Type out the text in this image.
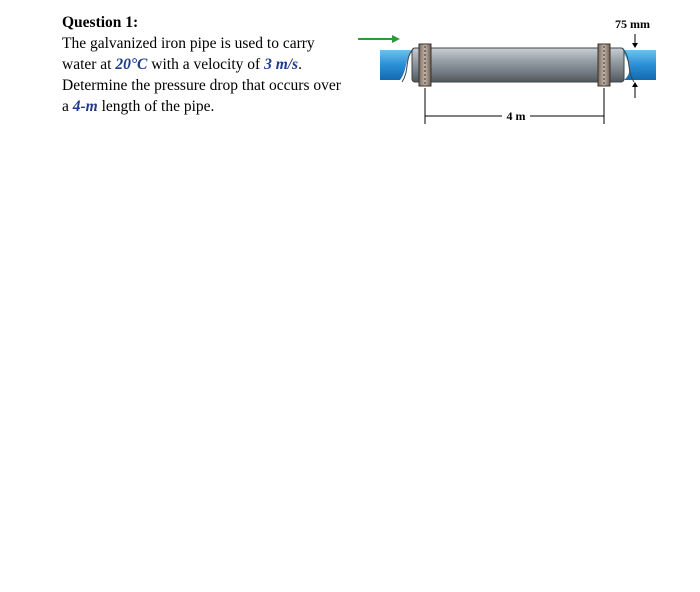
Question 1:
The galvanized iron pipe is used to carry
water at 20°C with a velocity of 3 m/s.
Determine the pressure drop that occurs over
a 4-m length of the pipe.
75 mm
4 m
